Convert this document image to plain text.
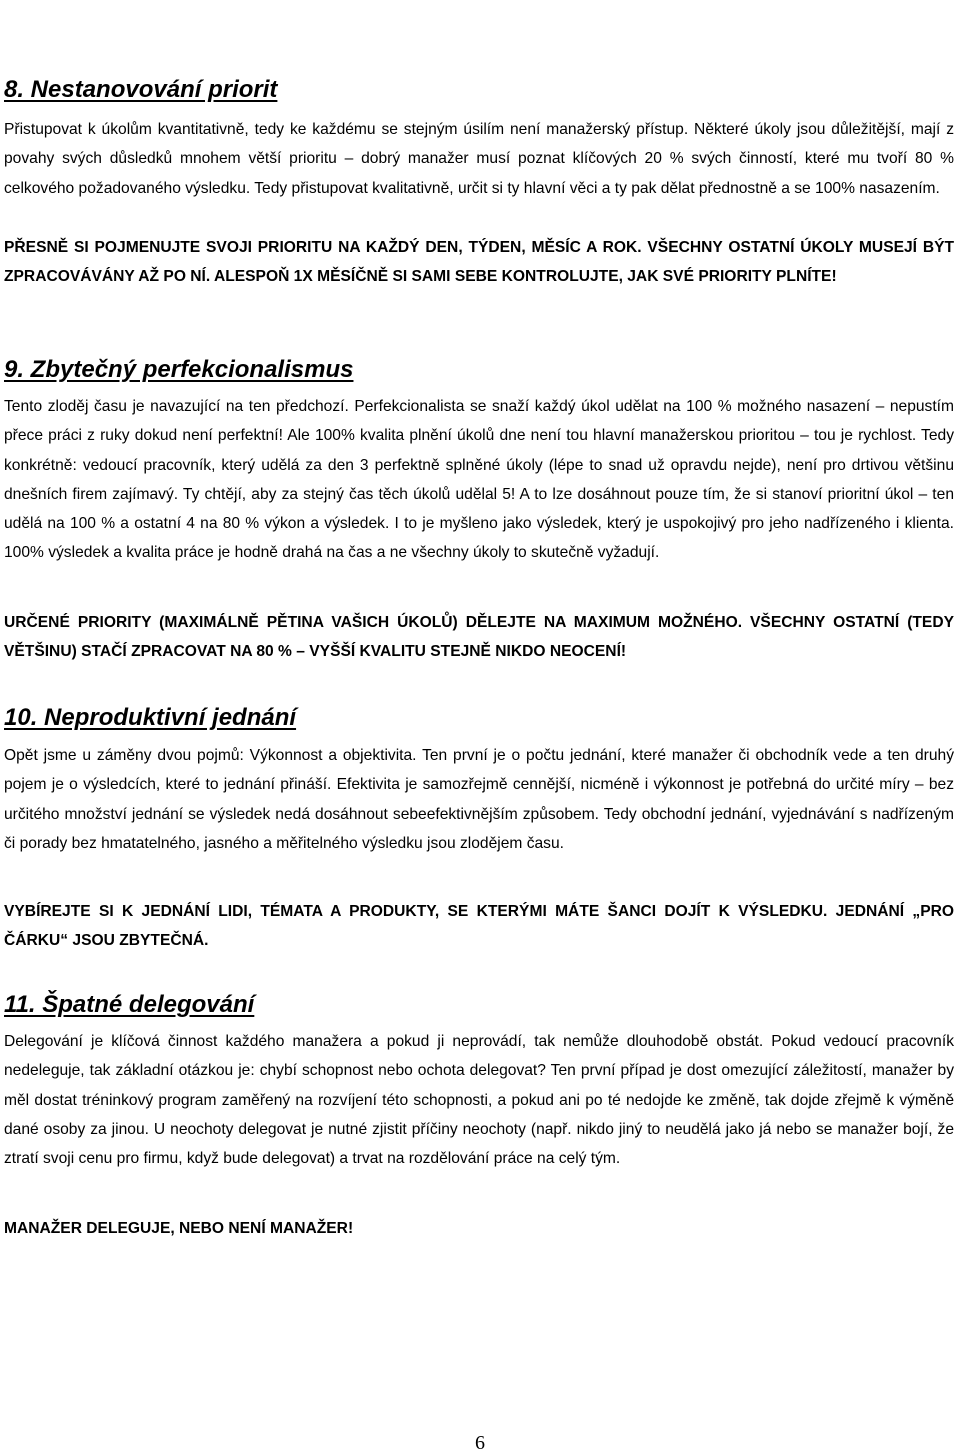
8. Nestanovování priorit

Přistupovat k úkolům kvantitativně, tedy ke každému se stejným úsilím není manažerský přístup. Některé úkoly jsou důležitější, mají z povahy svých důsledků mnohem větší prioritu – dobrý manažer musí poznat klíčových 20 % svých činností, které mu tvoří 80 % celkového požadovaného výsledku. Tedy přistupovat kvalitativně, určit si ty hlavní věci a ty pak dělat přednostně a se 100% nasazením.

PŘESNĚ SI POJMENUJTE SVOJI PRIORITU NA KAŽDÝ DEN, TÝDEN, MĚSÍC A ROK. VŠECHNY OSTATNÍ ÚKOLY MUSEJÍ BÝT ZPRACOVÁVÁNY AŽ PO NÍ. ALESPOŇ 1X MĚSÍČNĚ SI SAMI SEBE KONTROLUJTE, JAK SVÉ PRIORITY PLNÍTE!

9. Zbytečný perfekcionalismus

Tento zloděj času je navazující na ten předchozí. Perfekcionalista se snaží každý úkol udělat na 100 % možného nasazení – nepustím přece práci z ruky dokud není perfektní! Ale 100% kvalita plnění úkolů dne není tou hlavní manažerskou prioritou – tou je rychlost. Tedy konkrétně: vedoucí pracovník, který udělá za den 3 perfektně splněné úkoly (lépe to snad už opravdu nejde), není pro drtivou většinu dnešních firem zajímavý. Ty chtějí, aby za stejný čas těch úkolů udělal 5! A to lze dosáhnout pouze tím, že si stanoví prioritní úkol – ten udělá na 100 % a ostatní 4 na 80 % výkon a výsledek. I to je myšleno jako výsledek, který je uspokojivý pro jeho nadřízeného i klienta. 100% výsledek a kvalita práce je hodně drahá na čas a ne všechny úkoly to skutečně vyžadují.

URČENÉ PRIORITY (MAXIMÁLNĚ PĚTINA VAŠICH ÚKOLŮ) DĚLEJTE NA MAXIMUM MOŽNÉHO. VŠECHNY OSTATNÍ (TEDY VĚTŠINU) STAČÍ ZPRACOVAT NA 80 % – VYŠŠÍ KVALITU STEJNĚ NIKDO NEOCENÍ!

10. Neproduktivní jednání

Opět jsme u záměny dvou pojmů: Výkonnost a objektivita. Ten první je o počtu jednání, které manažer či obchodník vede a ten druhý pojem je o výsledcích, které to jednání přináší. Efektivita je samozřejmě cennější, nicméně i výkonnost je potřebná do určité míry – bez určitého množství jednání se výsledek nedá dosáhnout sebeefektivnějším způsobem. Tedy obchodní jednání, vyjednávání s nadřízeným či porady bez hmatatelného, jasného a měřitelného výsledku jsou zlodějem času.

VYBÍREJTE SI K JEDNÁNÍ LIDI, TÉMATA A PRODUKTY, SE KTERÝMI MÁTE ŠANCI DOJÍT K VÝSLEDKU. JEDNÁNÍ „PRO ČÁRKU“ JSOU ZBYTEČNÁ.

11. Špatné delegování

Delegování je klíčová činnost každého manažera a pokud ji neprovádí, tak nemůže dlouhodobě obstát. Pokud vedoucí pracovník nedeleguje, tak základní otázkou je: chybí schopnost nebo ochota delegovat? Ten první případ je dost omezující záležitostí, manažer by měl dostat tréninkový program zaměřený na rozvíjení této schopnosti, a pokud ani po té nedojde ke změně, tak dojde zřejmě k výměně dané osoby za jinou. U neochoty delegovat je nutné zjistit příčiny neochoty (např. nikdo jiný to neudělá jako já nebo se manažer bojí, že ztratí svoji cenu pro firmu, když bude delegovat) a trvat na rozdělování práce na celý tým.

MANAŽER DELEGUJE, NEBO NENÍ MANAŽER!

6
